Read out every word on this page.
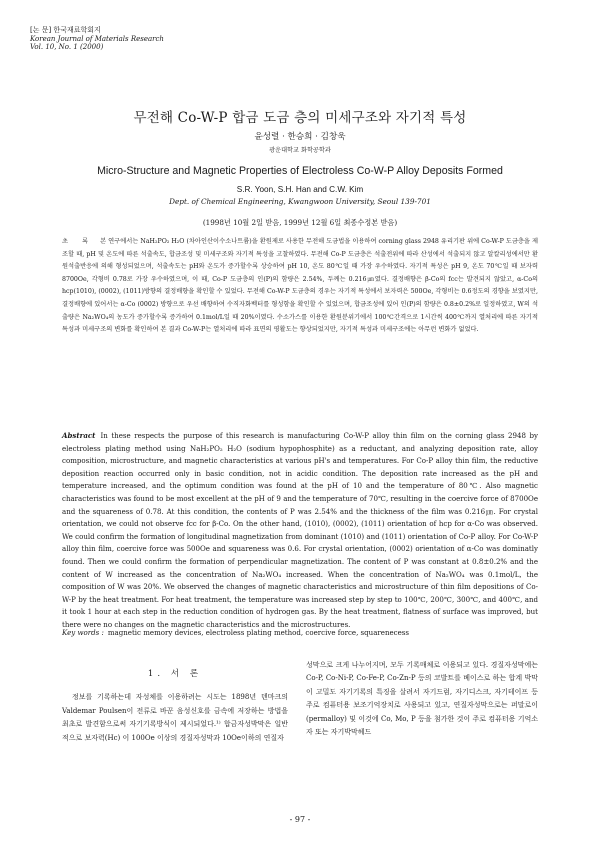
[논 문] 한국재료학회지
Korean Journal of Materials Research
Vol. 10, No. 1 (2000)
무전해 Co-W-P 합금 도금 층의 미세구조와 자기적 특성
윤성렬 · 한승희 · 김창욱
광운대학교 화학공학과
Micro-Structure and Magnetic Properties of Electroless Co-W-P Alloy Deposits Formed
S.R. Yoon, S.H. Han and C.W. Kim
Dept. of Chemical Engineering, Kwangwoon University, Seoul 139-701
(1998년 10월 2일 받음, 1999년 12월 6일 최종수정본 받음)
초 록 본 연구에서는 NaH₂PO₂ H₂O (차아인산이수소나트륨)을 환원제로 사용한 무전해 도금법을 이용하여 corning glass 2948 유리기판 위에 Co-W-P 도금층을 제조할 때, pH 및 온도에 따른 석출속도, 합금조성 및 미세구조와 자기적 특성을 고찰하였다. 무전해 Co-P 도금층은 석출전위에 따라 산성에서 석출되지 않고 알칼리성에서만 환원석출반응에 의해 형성되었으며, 석출속도는 pH와 온도가 증가할수록 상승하여 pH 10, 온도 80℃일 때 가장 우수하였다. 자기적 특성은 pH 9, 온도 70℃일 때 보자력 8700Oe, 각형비 0.78로 가장 우수하였으며, 이 때, Co-P 도금층의 인(P)의 함량은 2.54%, 두께는 0.216㎛였다. 결정배향은 β-Co의 fcc는 발견되지 않았고, α-Co의 hcp(1010), (0002), (1011)방향의 결정배향을 확인할 수 있었다. 무전해 Co-W-P 도금층의 경우는 자기적 특성에서 보자력은 500Oe, 각형비는 0.6정도의 경향을 보였지만, 결정배향에 있어서는 α-Co (0002) 방향으로 우선 배향하여 수직자화벡터를 형성함을 확인할 수 있었으며, 합금조성에 있어 인(P)의 함량은 0.8±0.2%로 일정하였고, W의 석출량은 Na₂WO₄의 농도가 증가할수록 증가하여 0.1mol/L일 때 20%이였다. 수소가스를 이용한 환원분위기에서 100℃간격으로 1시간씩 400℃까지 열처리에 따른 자기적 특성과 미세구조의 변화를 확인하여 본 결과 Co-W-P는 열처리에 따라 표면의 평활도는 향상되었지만, 자기적 특성과 미세구조에는 아무런 변화가 없었다.
Abstract In these respects the purpose of this research is manufacturing Co-W-P alloy thin film on the corning glass 2948 by electroless plating method using NaH₂PO₂ H₂O (sodium hypophosphite) as a reductant, and analyzing deposition rate, alloy composition, microstructure, and magnetic characteristics at various pH's and temperatures. For Co-P alloy thin film, the reductive deposition reaction occurred only in basic condition, not in acidic condition. The deposition rate increased as the pH and temperature increased, and the optimum condition was found at the pH of 10 and the temperature of 80℃. Also magnetic characteristics was found to be most excellent at the pH of 9 and the temperature of 70℃, resulting in the coercive force of 8700Oe and the squareness of 0.78. At this condition, the contents of P was 2.54% and the thickness of the film was 0.216㎛. For crystal orientation, we could not observe fcc for β-Co. On the other hand, (1010), (0002), (1011) orientation of hcp for α-Co was observed. We could confirm the formation of longitudinal magnetization from dominant (1010) and (1011) orientation of Co-P alloy. For Co-W-P alloy thin film, coercive force was 500Oe and squareness was 0.6. For crystal orientation, (0002) orientation of α-Co was dominatly found. Then we could confirm the formation of perpendicular magnetization. The content of P was constant at 0.8±0.2% and the content of W increased as the concentration of Na₂WO₄ increased. When the concentration of Na₂WO₄ was 0.1mol/L, the composition of W was 20%. We observed the changes of magnetic characteristics and microstructure of thin film depositions of Co-W-P by the heat treatment. For heat treatment, the temperature was increased step by step to 100℃, 200℃, 300℃, and 400℃, and it took 1 hour at each step in the reduction condition of hydrogen gas. By the heat treatment, flatness of surface was improved, but there were no changes on the magnetic characteristics and the microstructures.
Key words : magnetic memory devices, electroless plating method, coercive force, squarenecess
1. 서 론

정보를 기록하는데 자성체를 이용하려는 시도는 1898년 덴마크의 Valdemar Poulsen이 전류로 바꾼 음성신호를 금속에 저장하는 방법을 최초로 발견함으로써 자기기록방식이 제시되었다.¹⁾ 합금자성박막은 일반적으로 보자력(Hc) 이 100Oe 이상의 경질자성막과 10Oe이하의 연질자

성막으로 크게 나누어지며, 모두 기록매체로 이용되고 있다. 경질자성막에는 Co-P, Co-Ni-P, Co-Fe-P, Co-Zn-P 등의 코발트를 베이스로 하는 합계 박막이 고밀도 자기기록의 특징을 살려서 자기드럼, 자기디스크, 자기테이프 등 주로 컴퓨터용 보조기억장치로 사용되고 있고, 연질자성막으로는 퍼말로이(permalloy) 및 이것에 Co, Mo, P 등을 첨가한 것이 주로 컴퓨터용 기억소자 또는 자기박막헤드

- 97 -
